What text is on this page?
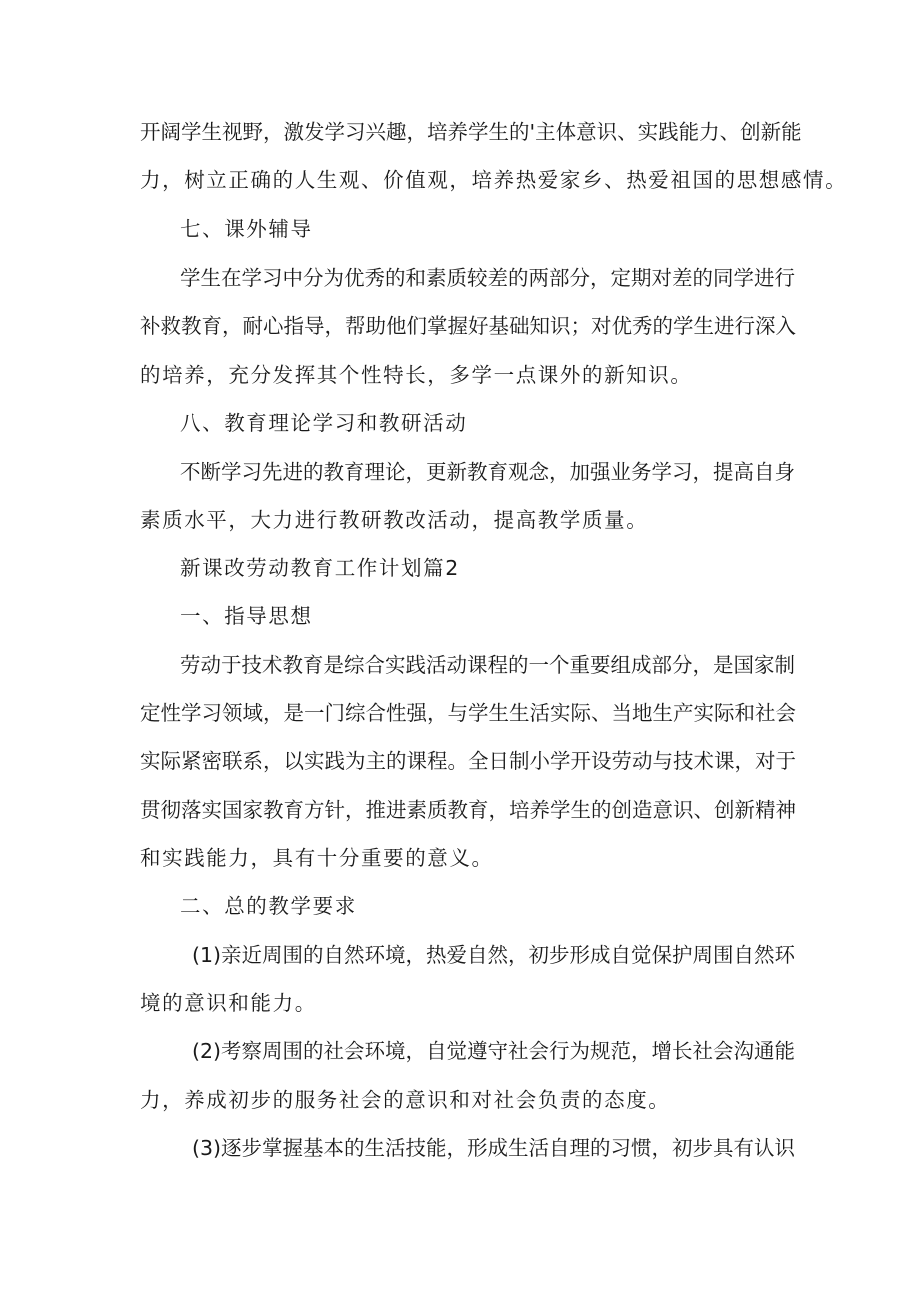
开阔学生视野，激发学习兴趣，培养学生的'主体意识、实践能力、创新能
力，树立正确的人生观、价值观，培养热爱家乡、热爱祖国的思想感情。
七、课外辅导
学生在学习中分为优秀的和素质较差的两部分，定期对差的同学进行
补救教育，耐心指导，帮助他们掌握好基础知识；对优秀的学生进行深入
的培养，充分发挥其个性特长，多学一点课外的新知识。
八、教育理论学习和教研活动
不断学习先进的教育理论，更新教育观念，加强业务学习，提高自身
素质水平，大力进行教研教改活动，提高教学质量。
新课改劳动教育工作计划篇2
一、指导思想
劳动于技术教育是综合实践活动课程的一个重要组成部分，是国家制
定性学习领域，是一门综合性强，与学生生活实际、当地生产实际和社会
实际紧密联系，以实践为主的课程。全日制小学开设劳动与技术课，对于
贯彻落实国家教育方针，推进素质教育，培养学生的创造意识、创新精神
和实践能力，具有十分重要的意义。
二、总的教学要求
(1)亲近周围的自然环境，热爱自然，初步形成自觉保护周围自然环
境的意识和能力。
(2)考察周围的社会环境，自觉遵守社会行为规范，增长社会沟通能
力，养成初步的服务社会的意识和对社会负责的态度。
(3)逐步掌握基本的生活技能，形成生活自理的习惯，初步具有认识
